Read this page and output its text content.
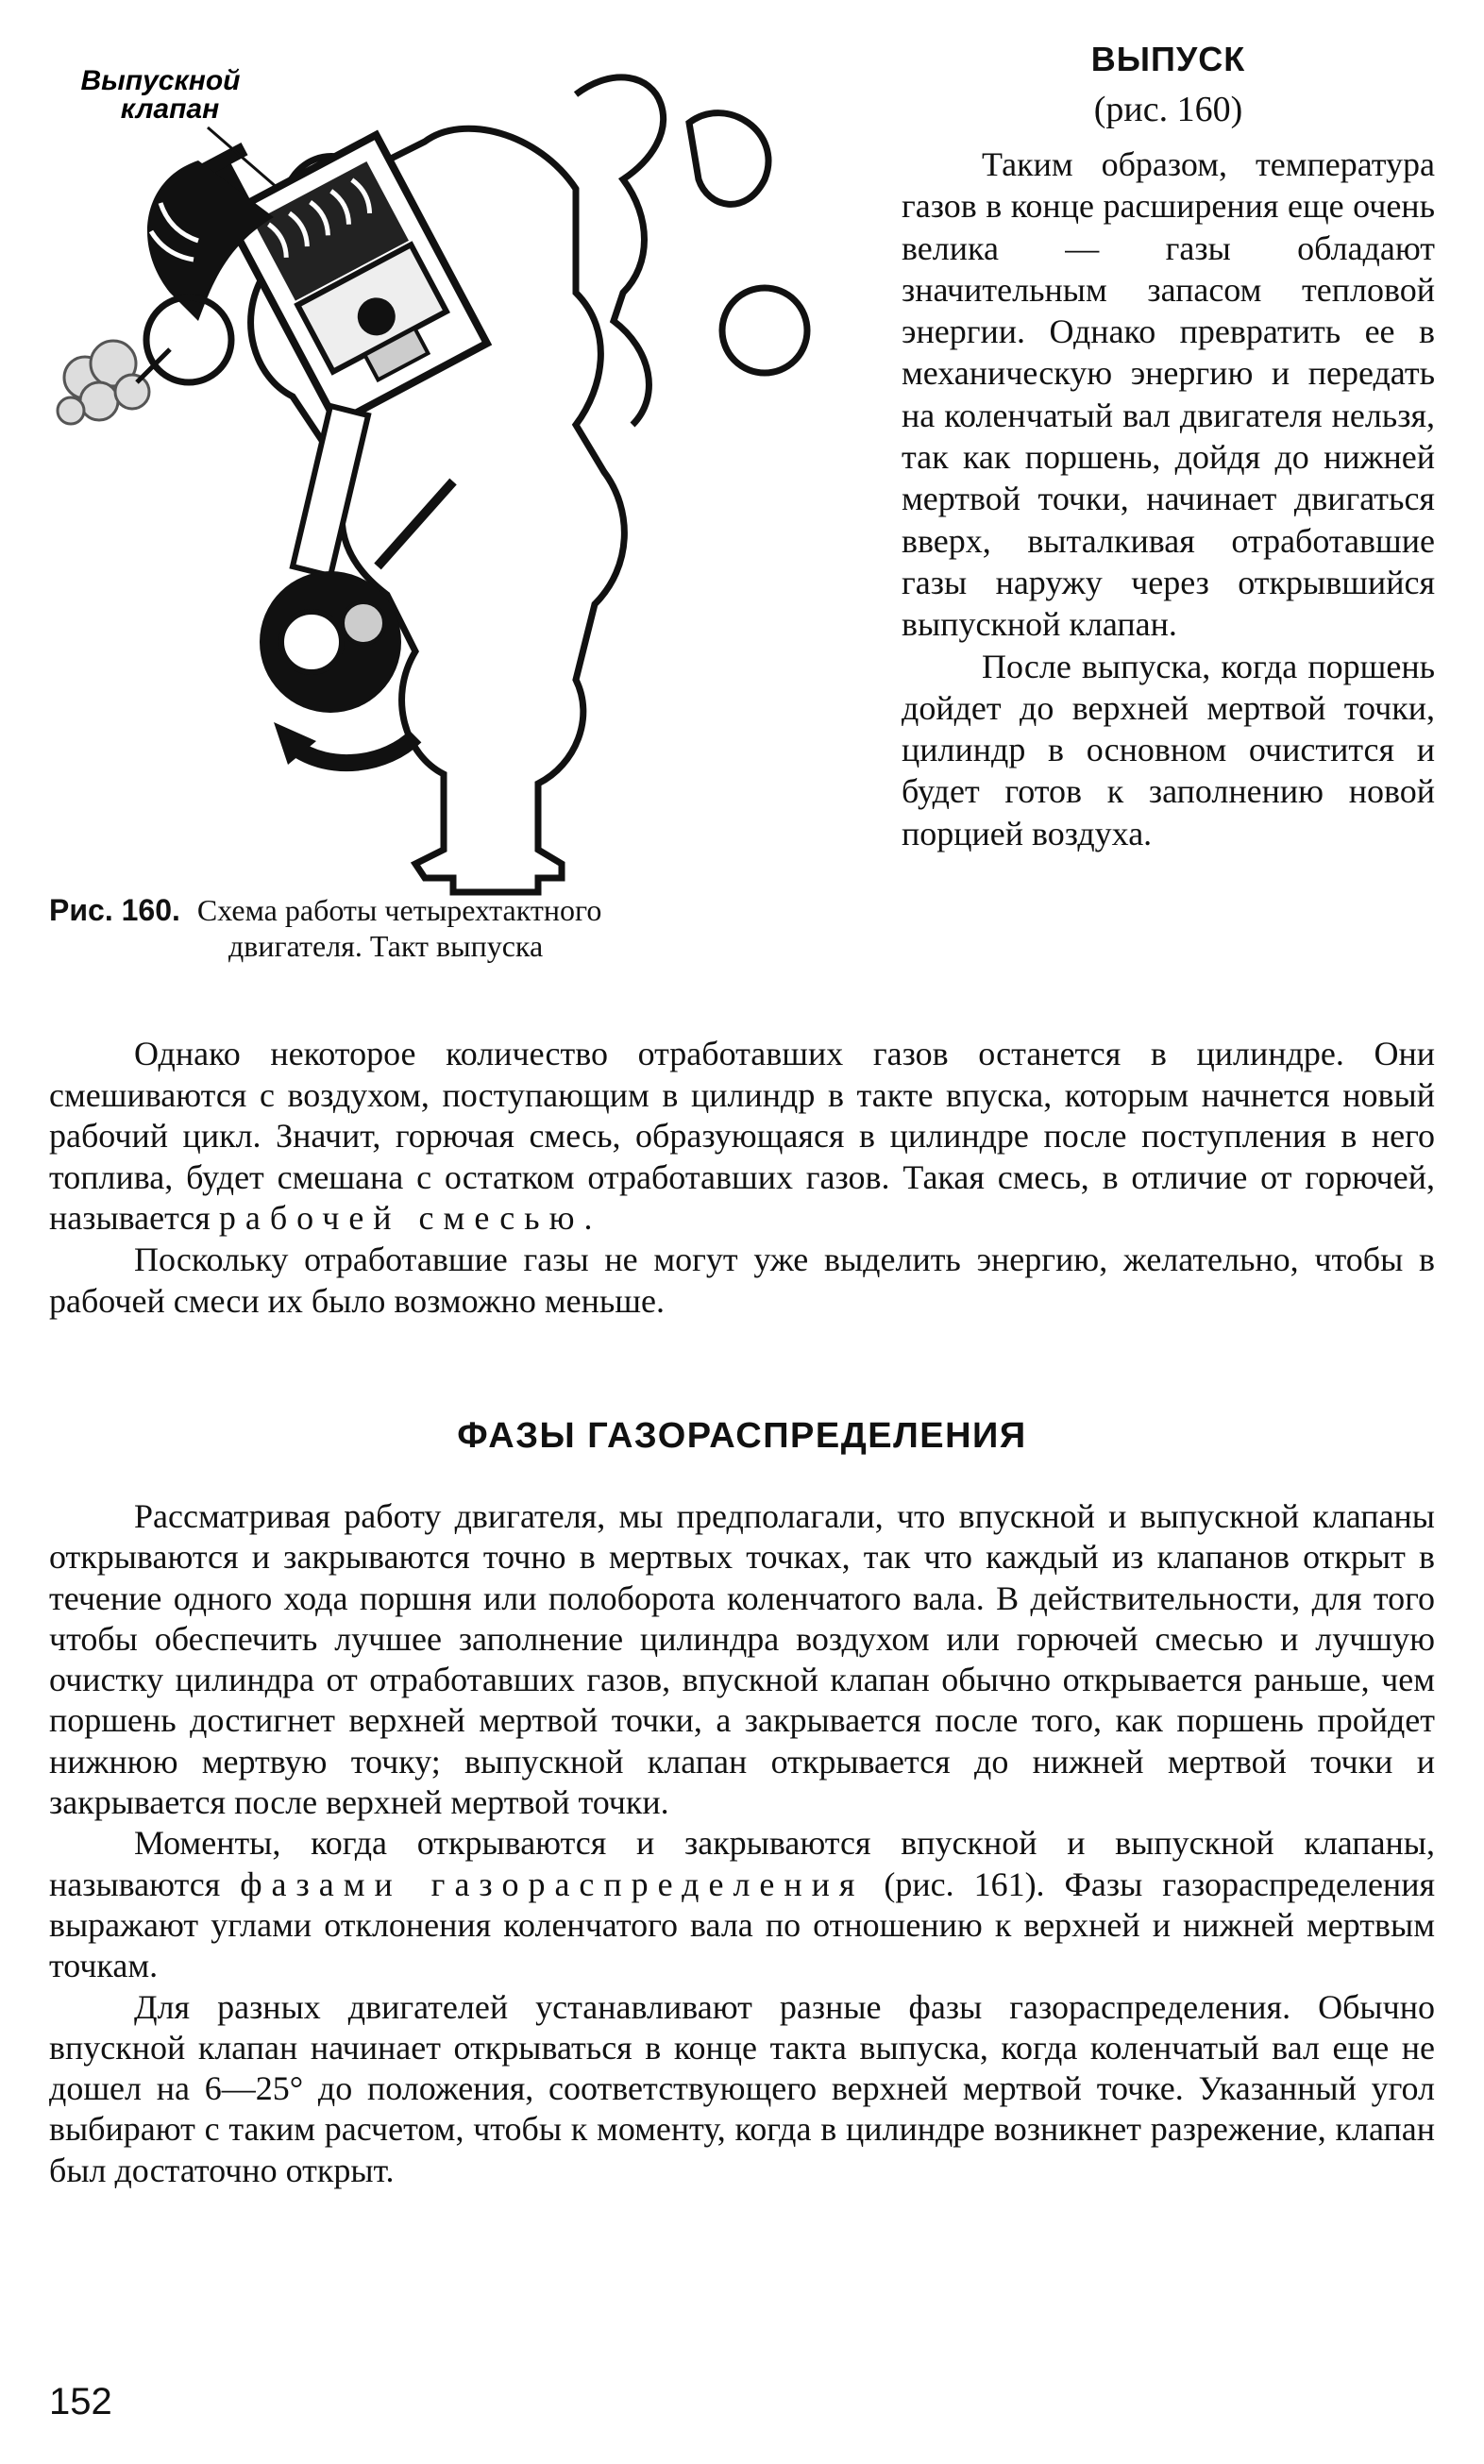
Выпускной
клапан
Рис. 160. Схема работы четырехтактного
двигателя. Такт выпуска
ВЫПУСК
(рис. 160)

Таким образом, температура газов в конце расширения еще очень велика — газы обладают значительным запасом тепловой энергии. Однако превратить ее в механическую энергию и передать на коленчатый вал двигателя нельзя, так как поршень, дойдя до нижней мертвой точки, начинает двигаться вверх, выталкивая отработавшие газы наружу через открывшийся выпускной клапан.

После выпуска, когда поршень дойдет до верхней мертвой точки, цилиндр в основном очистится и будет готов к заполнению новой порцией воздуха.

Однако некоторое количество отработавших газов останется в цилиндре. Они смешиваются с воздухом, поступающим в цилиндр в такте впуска, которым начнется новый рабочий цикл. Значит, горючая смесь, образующаяся в цилиндре после поступления в него топлива, будет смешана с остатком отработавших газов. Такая смесь, в отличие от горючей, называется рабочей смесью.

Поскольку отработавшие газы не могут уже выделить энергию, желательно, чтобы в рабочей смеси их было возможно меньше.

ФАЗЫ ГАЗОРАСПРЕДЕЛЕНИЯ

Рассматривая работу двигателя, мы предполагали, что впускной и выпускной клапаны открываются и закрываются точно в мертвых точках, так что каждый из клапанов открыт в течение одного хода поршня или полоборота коленчатого вала. В действительности, для того чтобы обеспечить лучшее заполнение цилиндра воздухом или горючей смесью и лучшую очистку цилиндра от отработавших газов, впускной клапан обычно открывается раньше, чем поршень достигнет верхней мертвой точки, а закрывается после того, как поршень пройдет нижнюю мертвую точку; выпускной клапан открывается до нижней мертвой точки и закрывается после верхней мертвой точки.

Моменты, когда открываются и закрываются впускной и выпускной клапаны, называются фазами газораспределения (рис. 161). Фазы газораспределения выражают углами отклонения коленчатого вала по отношению к верхней и нижней мертвым точкам.

Для разных двигателей устанавливают разные фазы газораспределения. Обычно впускной клапан начинает открываться в конце такта выпуска, когда коленчатый вал еще не дошел на 6—25° до положения, соответствующего верхней мертвой точке. Указанный угол выбирают с таким расчетом, чтобы к моменту, когда в цилиндре возникнет разрежение, клапан был достаточно открыт.

152
